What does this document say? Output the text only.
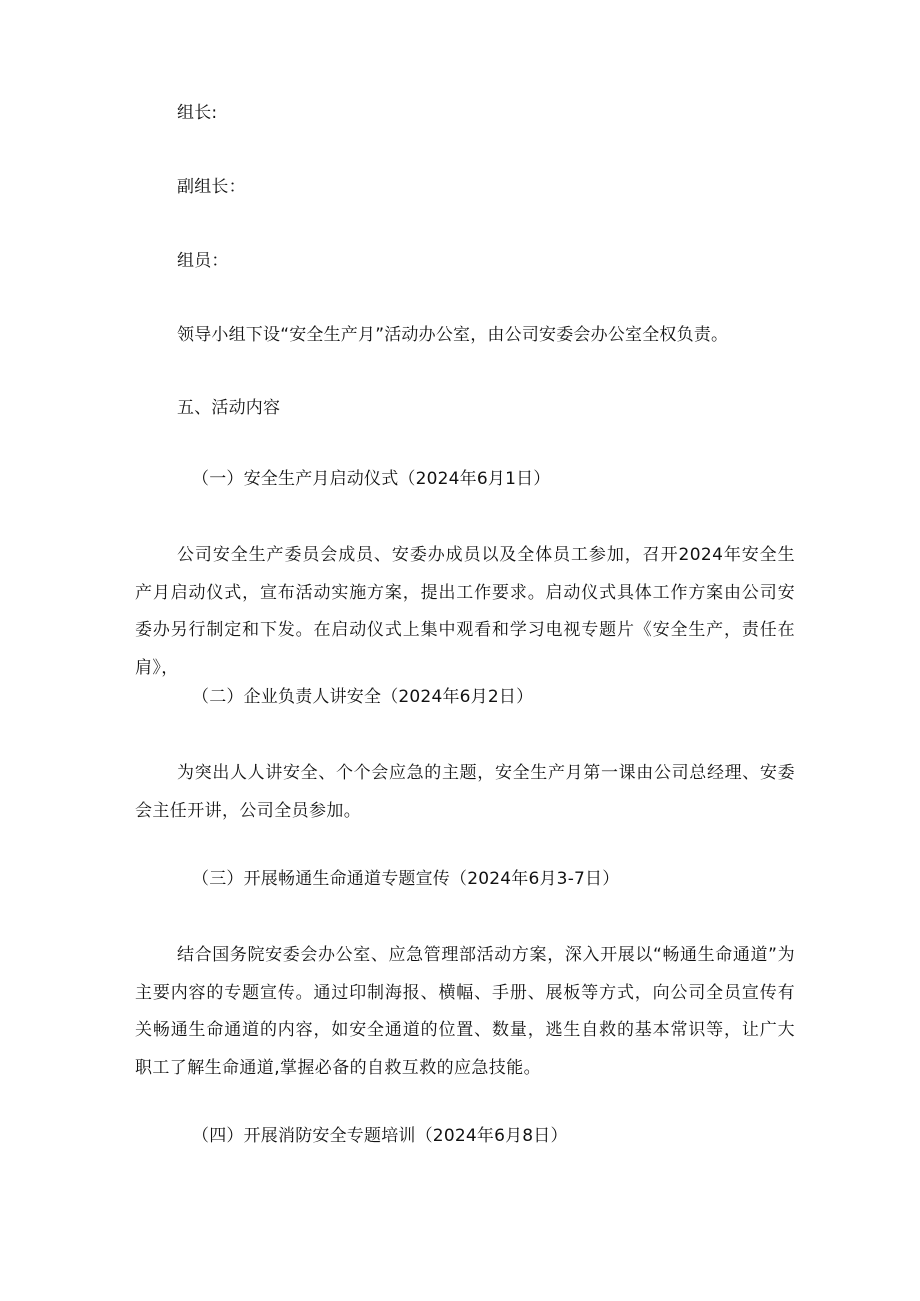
组长:
副组长：
组员：
领导小组下设“安全生产月”活动办公室，由公司安委会办公室全权负责。
五、活动内容
（一）安全生产月启动仪式（2024年6月1日）
公司安全生产委员会成员、安委办成员以及全体员工参加，召开2024年安全生产月启动仪式，宣布活动实施方案，提出工作要求。启动仪式具体工作方案由公司安委办另行制定和下发。在启动仪式上集中观看和学习电视专题片《安全生产，责任在肩》，
（二）企业负责人讲安全（2024年6月2日）
为突出人人讲安全、个个会应急的主题，安全生产月第一课由公司总经理、安委会主任开讲，公司全员参加。
（三）开展畅通生命通道专题宣传（2024年6月3-7日）
结合国务院安委会办公室、应急管理部活动方案，深入开展以“畅通生命通道”为主要内容的专题宣传。通过印制海报、横幅、手册、展板等方式，向公司全员宣传有关畅通生命通道的内容，如安全通道的位置、数量，逃生自救的基本常识等，让广大职工了解生命通道,掌握必备的自救互救的应急技能。
（四）开展消防安全专题培训（2024年6月8日）
